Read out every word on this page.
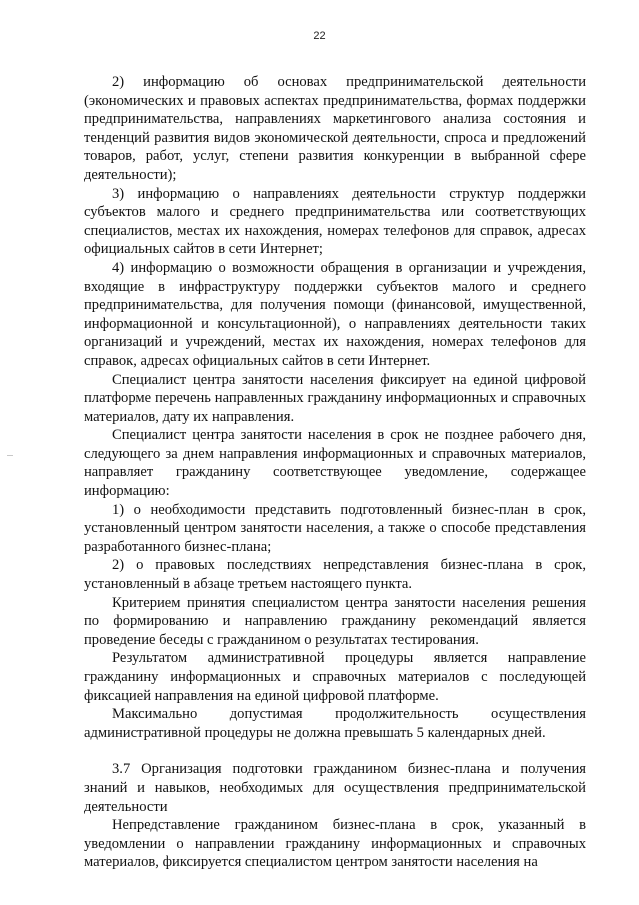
22

2) информацию об основах предпринимательской деятельности (экономических и правовых аспектах предпринимательства, формах поддержки предпринимательства, направлениях маркетингового анализа состояния и тенденций развития видов экономической деятельности, спроса и предложений товаров, работ, услуг, степени развития конкуренции в выбранной сфере деятельности);

3) информацию о направлениях деятельности структур поддержки субъектов малого и среднего предпринимательства или соответствующих специалистов, местах их нахождения, номерах телефонов для справок, адресах официальных сайтов в сети Интернет;

4) информацию о возможности обращения в организации и учреждения, входящие в инфраструктуру поддержки субъектов малого и среднего предпринимательства, для получения помощи (финансовой, имущественной, информационной и консультационной), о направлениях деятельности таких организаций и учреждений, местах их нахождения, номерах телефонов для справок, адресах официальных сайтов в сети Интернет.

Специалист центра занятости населения фиксирует на единой цифровой платформе перечень направленных гражданину информационных и справочных материалов, дату их направления.

Специалист центра занятости населения в срок не позднее рабочего дня, следующего за днем направления информационных и справочных материалов, направляет гражданину соответствующее уведомление, содержащее информацию:

1) о необходимости представить подготовленный бизнес-план в срок, установленный центром занятости населения, а также о способе представления разработанного бизнес-плана;

2) о правовых последствиях непредставления бизнес-плана в срок, установленный в абзаце третьем настоящего пункта.

Критерием принятия специалистом центра занятости населения решения по формированию и направлению гражданину рекомендаций является проведение беседы с гражданином о результатах тестирования.

Результатом административной процедуры является направление гражданину информационных и справочных материалов с последующей фиксацией направления на единой цифровой платформе.

Максимально допустимая продолжительность осуществления административной процедуры не должна превышать 5 календарных дней.

3.7 Организация подготовки гражданином бизнес-плана и получения знаний и навыков, необходимых для осуществления предпринимательской деятельности

Непредставление гражданином бизнес-плана в срок, указанный в уведомлении о направлении гражданину информационных и справочных материалов, фиксируется специалистом центром занятости населения на
